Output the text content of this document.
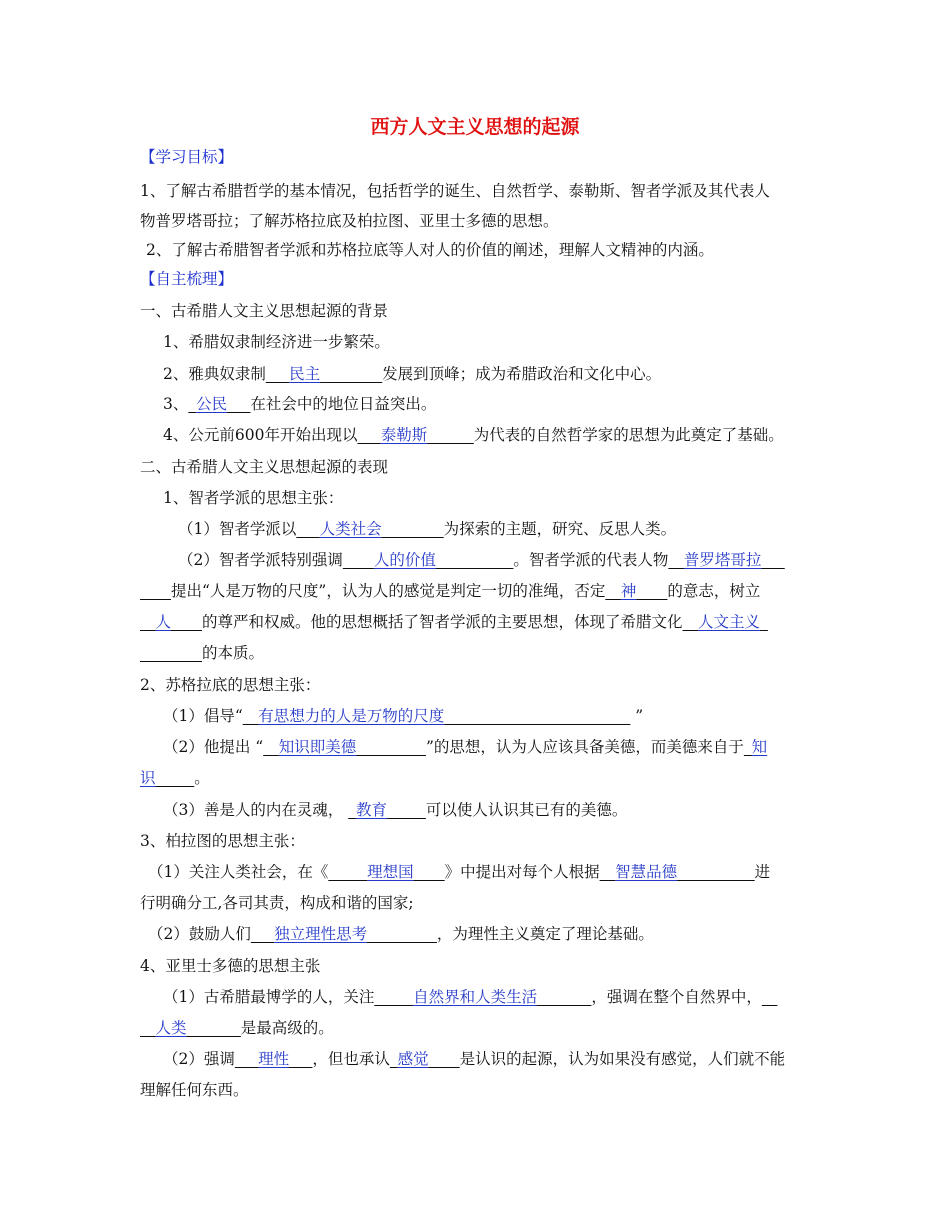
西方人文主义思想的起源
【学习目标】
1、了解古希腊哲学的基本情况，包括哲学的诞生、自然哲学、泰勒斯、智者学派及其代表人
物普罗塔哥拉；了解苏格拉底及柏拉图、亚里士多德的思想。
2、了解古希腊智者学派和苏格拉底等人对人的价值的阐述，理解人文精神的内涵。
【自主梳理】
一、古希腊人文主义思想起源的背景
1、希腊奴隶制经济进一步繁荣。
2、雅典奴隶制___民主________发展到顶峰；成为希腊政治和文化中心。
3、_公民___在社会中的地位日益突出。
4、公元前600年开始出现以___泰勒斯______为代表的自然哲学家的思想为此奠定了基础。
二、古希腊人文主义思想起源的表现
1、智者学派的思想主张：
（1）智者学派以___人类社会________为探索的主题，研究、反思人类。
（2）智者学派特别强调____人的价值__________。智者学派的代表人物__普罗塔哥拉___
____提出“人是万物的尺度”，认为人的感觉是判定一切的准绳，否定__神____的意志，树立
__人____的尊严和权威。他的思想概括了智者学派的主要思想，体现了希腊文化__人文主义_
________的本质。
2、苏格拉底的思想主张：
（1）倡导“__有思想力的人是万物的尺度________________________ ”
（2）他提出 “__知识即美德_________”的思想，认为人应该具备美德，而美德来自于_知
识_____。
（3）善是人的内在灵魂， _教育_____可以使人认识其已有的美德。
3、柏拉图的思想主张：
（1）关注人类社会，在《_____理想国____》中提出对每个人根据__智慧品德__________进
行明确分工,各司其责，构成和谐的国家;
（2）鼓励人们___独立理性思考_________，为理性主义奠定了理论基础。
4、亚里士多德的思想主张
（1）古希腊最博学的人，关注_____自然界和人类生活_______，强调在整个自然界中，__
__人类_______是最高级的。
（2）强调___理性___，但也承认_感觉____是认识的起源，认为如果没有感觉，人们就不能
理解任何东西。
